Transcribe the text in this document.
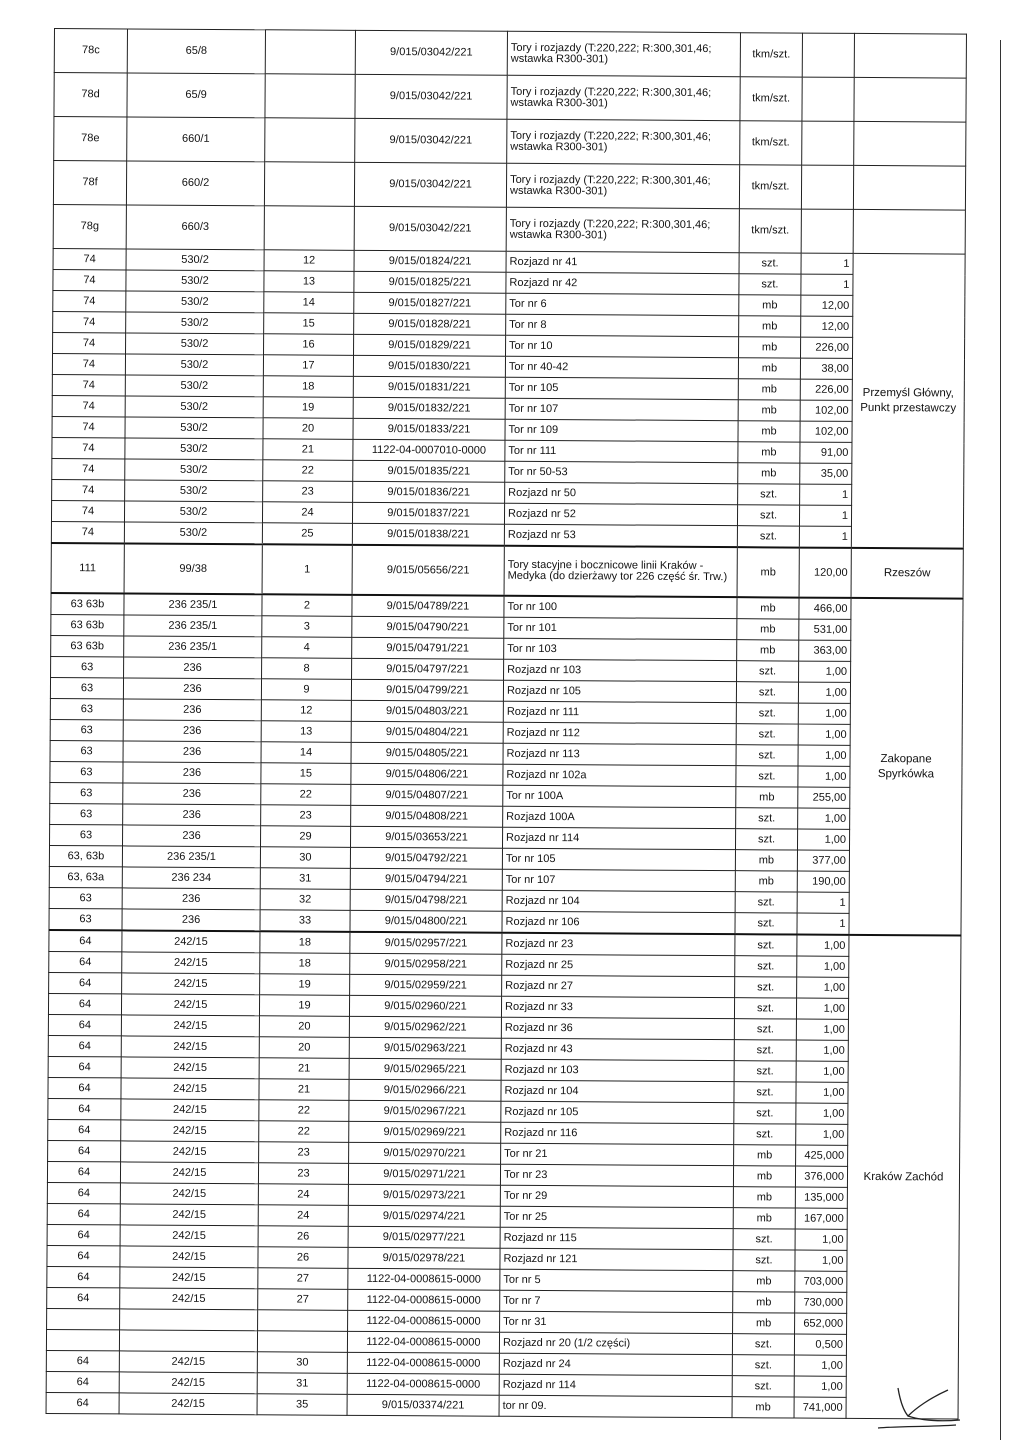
78c	65/8		9/015/03042/221	Tory i rozjazdy (T:220,222; R:300,301,46; wstawka R300-301)	tkm/szt.		
78d	65/9		9/015/03042/221	Tory i rozjazdy (T:220,222; R:300,301,46; wstawka R300-301)	tkm/szt.		
78e	660/1		9/015/03042/221	Tory i rozjazdy (T:220,222; R:300,301,46; wstawka R300-301)	tkm/szt.		
78f	660/2		9/015/03042/221	Tory i rozjazdy (T:220,222; R:300,301,46; wstawka R300-301)	tkm/szt.		
78g	660/3		9/015/03042/221	Tory i rozjazdy (T:220,222; R:300,301,46; wstawka R300-301)	tkm/szt.		
74	530/2	12	9/015/01824/221	Rozjazd nr 41	szt.	1	Przemyśl Główny, Punkt przestawczy
74	530/2	13	9/015/01825/221	Rozjazd nr 42	szt.	1	
74	530/2	14	9/015/01827/221	Tor nr 6	mb	12,00	
74	530/2	15	9/015/01828/221	Tor nr 8	mb	12,00	
74	530/2	16	9/015/01829/221	Tor nr 10	mb	226,00	
74	530/2	17	9/015/01830/221	Tor nr 40-42	mb	38,00	
74	530/2	18	9/015/01831/221	Tor nr 105	mb	226,00	
74	530/2	19	9/015/01832/221	Tor nr 107	mb	102,00	
74	530/2	20	9/015/01833/221	Tor nr 109	mb	102,00	
74	530/2	21	1122-04-0007010-0000	Tor nr 111	mb	91,00	
74	530/2	22	9/015/01835/221	Tor nr 50-53	mb	35,00	
74	530/2	23	9/015/01836/221	Rozjazd nr 50	szt.	1	
74	530/2	24	9/015/01837/221	Rozjazd nr 52	szt.	1	
74	530/2	25	9/015/01838/221	Rozjazd nr 53	szt.	1	
111	99/38	1	9/015/05656/221	Tory stacyjne i bocznicowe linii Kraków - Medyka (do dzierżawy tor 226 część śr. Trw.)	mb	120,00	Rzeszów
63 63b	236 235/1	2	9/015/04789/221	Tor nr 100	mb	466,00	Zakopane Spyrkówka
63 63b	236 235/1	3	9/015/04790/221	Tor nr 101	mb	531,00	
63 63b	236 235/1	4	9/015/04791/221	Tor nr 103	mb	363,00	
63	236	8	9/015/04797/221	Rozjazd nr 103	szt.	1,00	
63	236	9	9/015/04799/221	Rozjazd nr 105	szt.	1,00	
63	236	12	9/015/04803/221	Rozjazd nr 111	szt.	1,00	
63	236	13	9/015/04804/221	Rozjazd nr 112	szt.	1,00	
63	236	14	9/015/04805/221	Rozjazd nr 113	szt.	1,00	
63	236	15	9/015/04806/221	Rozjazd nr 102a	szt.	1,00	
63	236	22	9/015/04807/221	Tor nr 100A	mb	255,00	
63	236	23	9/015/04808/221	Rozjazd 100A	szt.	1,00	
63	236	29	9/015/03653/221	Rozjazd nr 114	szt.	1,00	
63, 63b	236 235/1	30	9/015/04792/221	Tor nr 105	mb	377,00	
63, 63a	236 234	31	9/015/04794/221	Tor nr 107	mb	190,00	
63	236	32	9/015/04798/221	Rozjazd nr 104	szt.	1	
63	236	33	9/015/04800/221	Rozjazd nr 106	szt.	1	
64	242/15	18	9/015/02957/221	Rozjazd nr 23	szt.	1,00	Kraków Zachód
64	242/15	18	9/015/02958/221	Rozjazd nr 25	szt.	1,00	
64	242/15	19	9/015/02959/221	Rozjazd nr 27	szt.	1,00	
64	242/15	19	9/015/02960/221	Rozjazd nr 33	szt.	1,00	
64	242/15	20	9/015/02962/221	Rozjazd nr 36	szt.	1,00	
64	242/15	20	9/015/02963/221	Rozjazd nr 43	szt.	1,00	
64	242/15	21	9/015/02965/221	Rozjazd nr 103	szt.	1,00	
64	242/15	21	9/015/02966/221	Rozjazd nr 104	szt.	1,00	
64	242/15	22	9/015/02967/221	Rozjazd nr 105	szt.	1,00	
64	242/15	22	9/015/02969/221	Rozjazd nr 116	szt.	1,00	
64	242/15	23	9/015/02970/221	Tor nr 21	mb	425,000	
64	242/15	23	9/015/02971/221	Tor nr 23	mb	376,000	
64	242/15	24	9/015/02973/221	Tor nr 29	mb	135,000	
64	242/15	24	9/015/02974/221	Tor nr 25	mb	167,000	
64	242/15	26	9/015/02977/221	Rozjazd nr 115	szt.	1,00	
64	242/15	26	9/015/02978/221	Rozjazd nr 121	szt.	1,00	
64	242/15	27	1122-04-0008615-0000	Tor nr 5	mb	703,000	
64	242/15	27	1122-04-0008615-0000	Tor nr 7	mb	730,000	
			1122-04-0008615-0000	Tor nr 31	mb	652,000	
			1122-04-0008615-0000	Rozjazd nr 20 (1/2 części)	szt.	0,500	
64	242/15	30	1122-04-0008615-0000	Rozjazd nr 24	szt.	1,00	
64	242/15	31	1122-04-0008615-0000	Rozjazd nr 114	szt.	1,00	
64	242/15	35	9/015/03374/221	tor nr 09.	mb	741,000	
